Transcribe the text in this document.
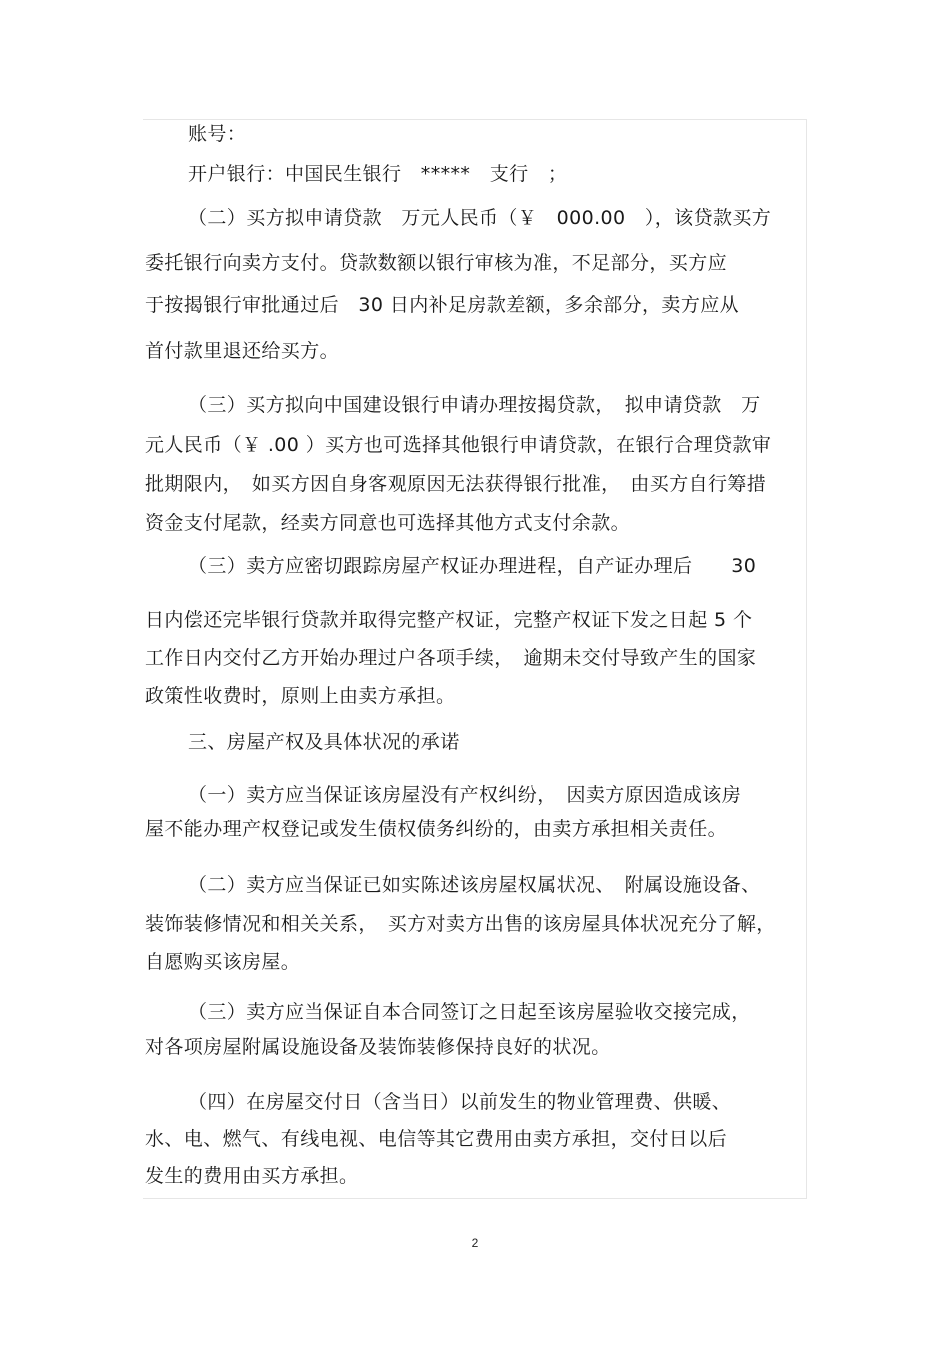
账号：

开户银行：中国民生银行　*****　支行　；

（二）买方拟申请贷款　万元人民币（￥　000.00　），该贷款买方

委托银行向卖方支付。贷款数额以银行审核为准，不足部分，买方应

于按揭银行审批通过后　30 日内补足房款差额，多余部分，卖方应从

首付款里退还给买方。

（三）买方拟向中国建设银行申请办理按揭贷款，　拟申请贷款　万

元人民币（￥ .00 ）买方也可选择其他银行申请贷款，在银行合理贷款审

批期限内，　如买方因自身客观原因无法获得银行批准，　由买方自行筹措

资金支付尾款，经卖方同意也可选择其他方式支付余款。

（三）卖方应密切跟踪房屋产权证办理进程，自产证办理后　　30

日内偿还完毕银行贷款并取得完整产权证，完整产权证下发之日起 5 个

工作日内交付乙方开始办理过户各项手续，　逾期未交付导致产生的国家

政策性收费时，原则上由卖方承担。

三、房屋产权及具体状况的承诺

（一）卖方应当保证该房屋没有产权纠纷，　因卖方原因造成该房

屋不能办理产权登记或发生债权债务纠纷的，由卖方承担相关责任。

（二）卖方应当保证已如实陈述该房屋权属状况、　附属设施设备、

装饰装修情况和相关关系，　买方对卖方出售的该房屋具体状况充分了解，

自愿购买该房屋。

（三）卖方应当保证自本合同签订之日起至该房屋验收交接完成，

对各项房屋附属设施设备及装饰装修保持良好的状况。

（四）在房屋交付日（含当日）以前发生的物业管理费、供暖、

水、电、燃气、有线电视、电信等其它费用由卖方承担，交付日以后

发生的费用由买方承担。

2
